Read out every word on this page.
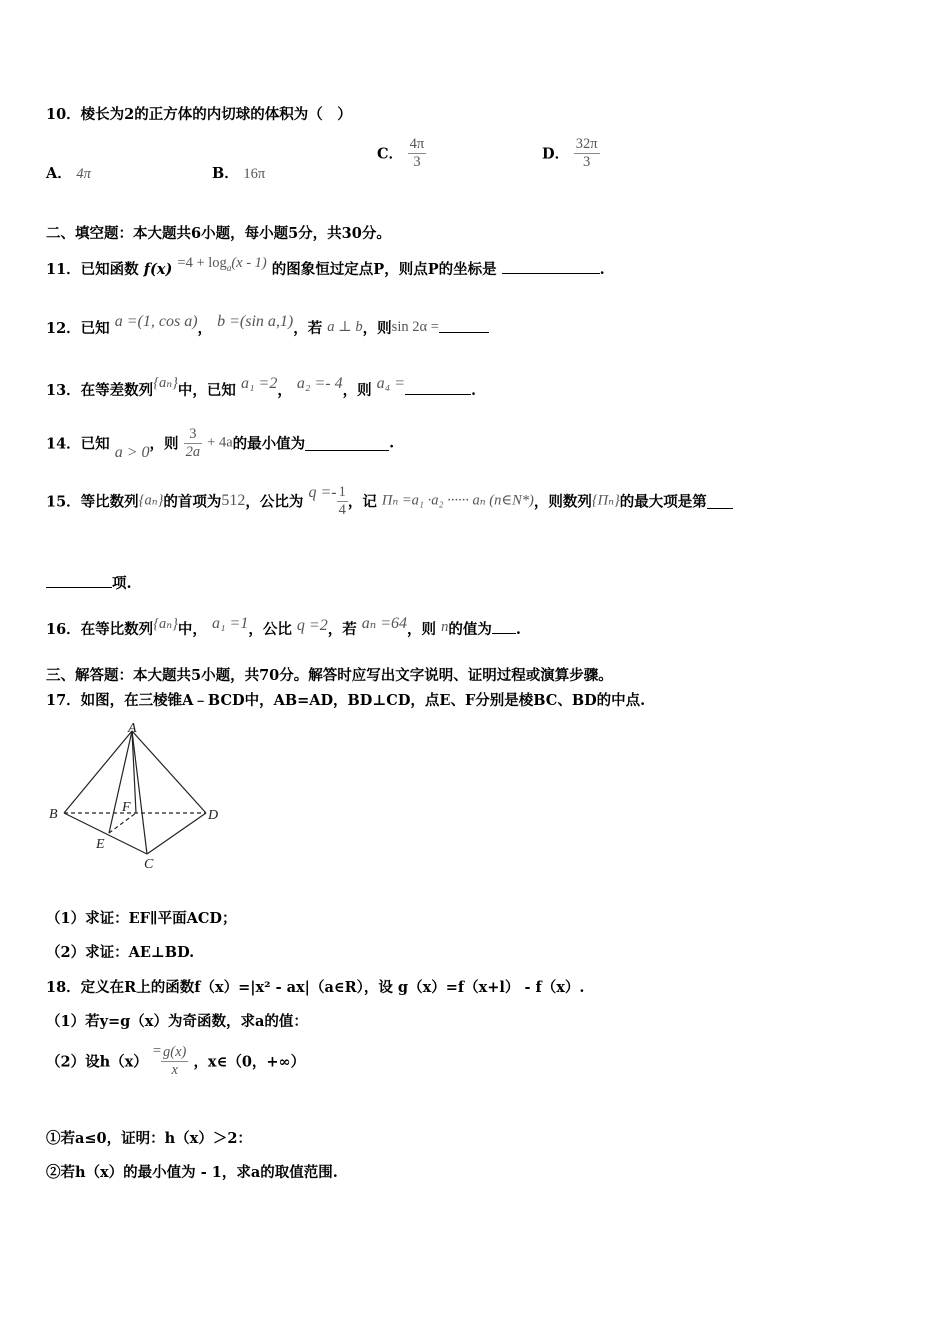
10．棱长为2的正方体的内切球的体积为（　）
A． 4π	B． 16π
C． $\frac{4\pi}{3}$	D． $\frac{32\pi}{3}$
二、填空题：本大题共6小题，每小题5分，共30分。
11．已知函数 $f(x) =4 + \log_a(x - 1)$ 的图象恒过定点P，则点P的坐标是	.
12．已知 a =(1, cos a)， b =(sin a,1)，若 a ⊥ b，则sin 2α =
13．在等差数列{aₙ}中，已知 a₁ =2， a₂ =- 4，则 a₄ =	.
14．已知 a > 0，则 $\frac{3}{2a} + 4a$的最小值为	.
15．等比数列{aₙ}的首项为512，公比为 $q =- \frac{1}{4}$ ，记 Πₙ =a₁ ·a₂ ······ aₙ (n∈N*)，则数列{Πₙ}的最大项是第
项.
16．在等比数列{aₙ}中， a₁ =1，公比 q =2，若 aₙ =64，则 n的值为 .
三、解答题：本大题共5小题，共70分。解答时应写出文字说明、证明过程或演算步骤。
17．如图，在三棱锥A﹣BCD中，AB=AD，BD⊥CD，点E、F分别是棱BC、BD的中点.
A
B	F
D
E
C
（1）求证：EF∥平面ACD；
（2）求证：AE⊥BD.
18．定义在R上的函数f（x）=|x² - ax|（a∈R），设 g（x）=f（x+l） - f（x）.
（1）若y=g（x）为奇函数，求a的值：
（2）设$h(x) = \frac{g(x)}{x}$ ，x∈（0，+∞）
①若a≤0，证明：h（x）＞2：
②若h（x）的最小值为 - 1，求a的取值范围.
